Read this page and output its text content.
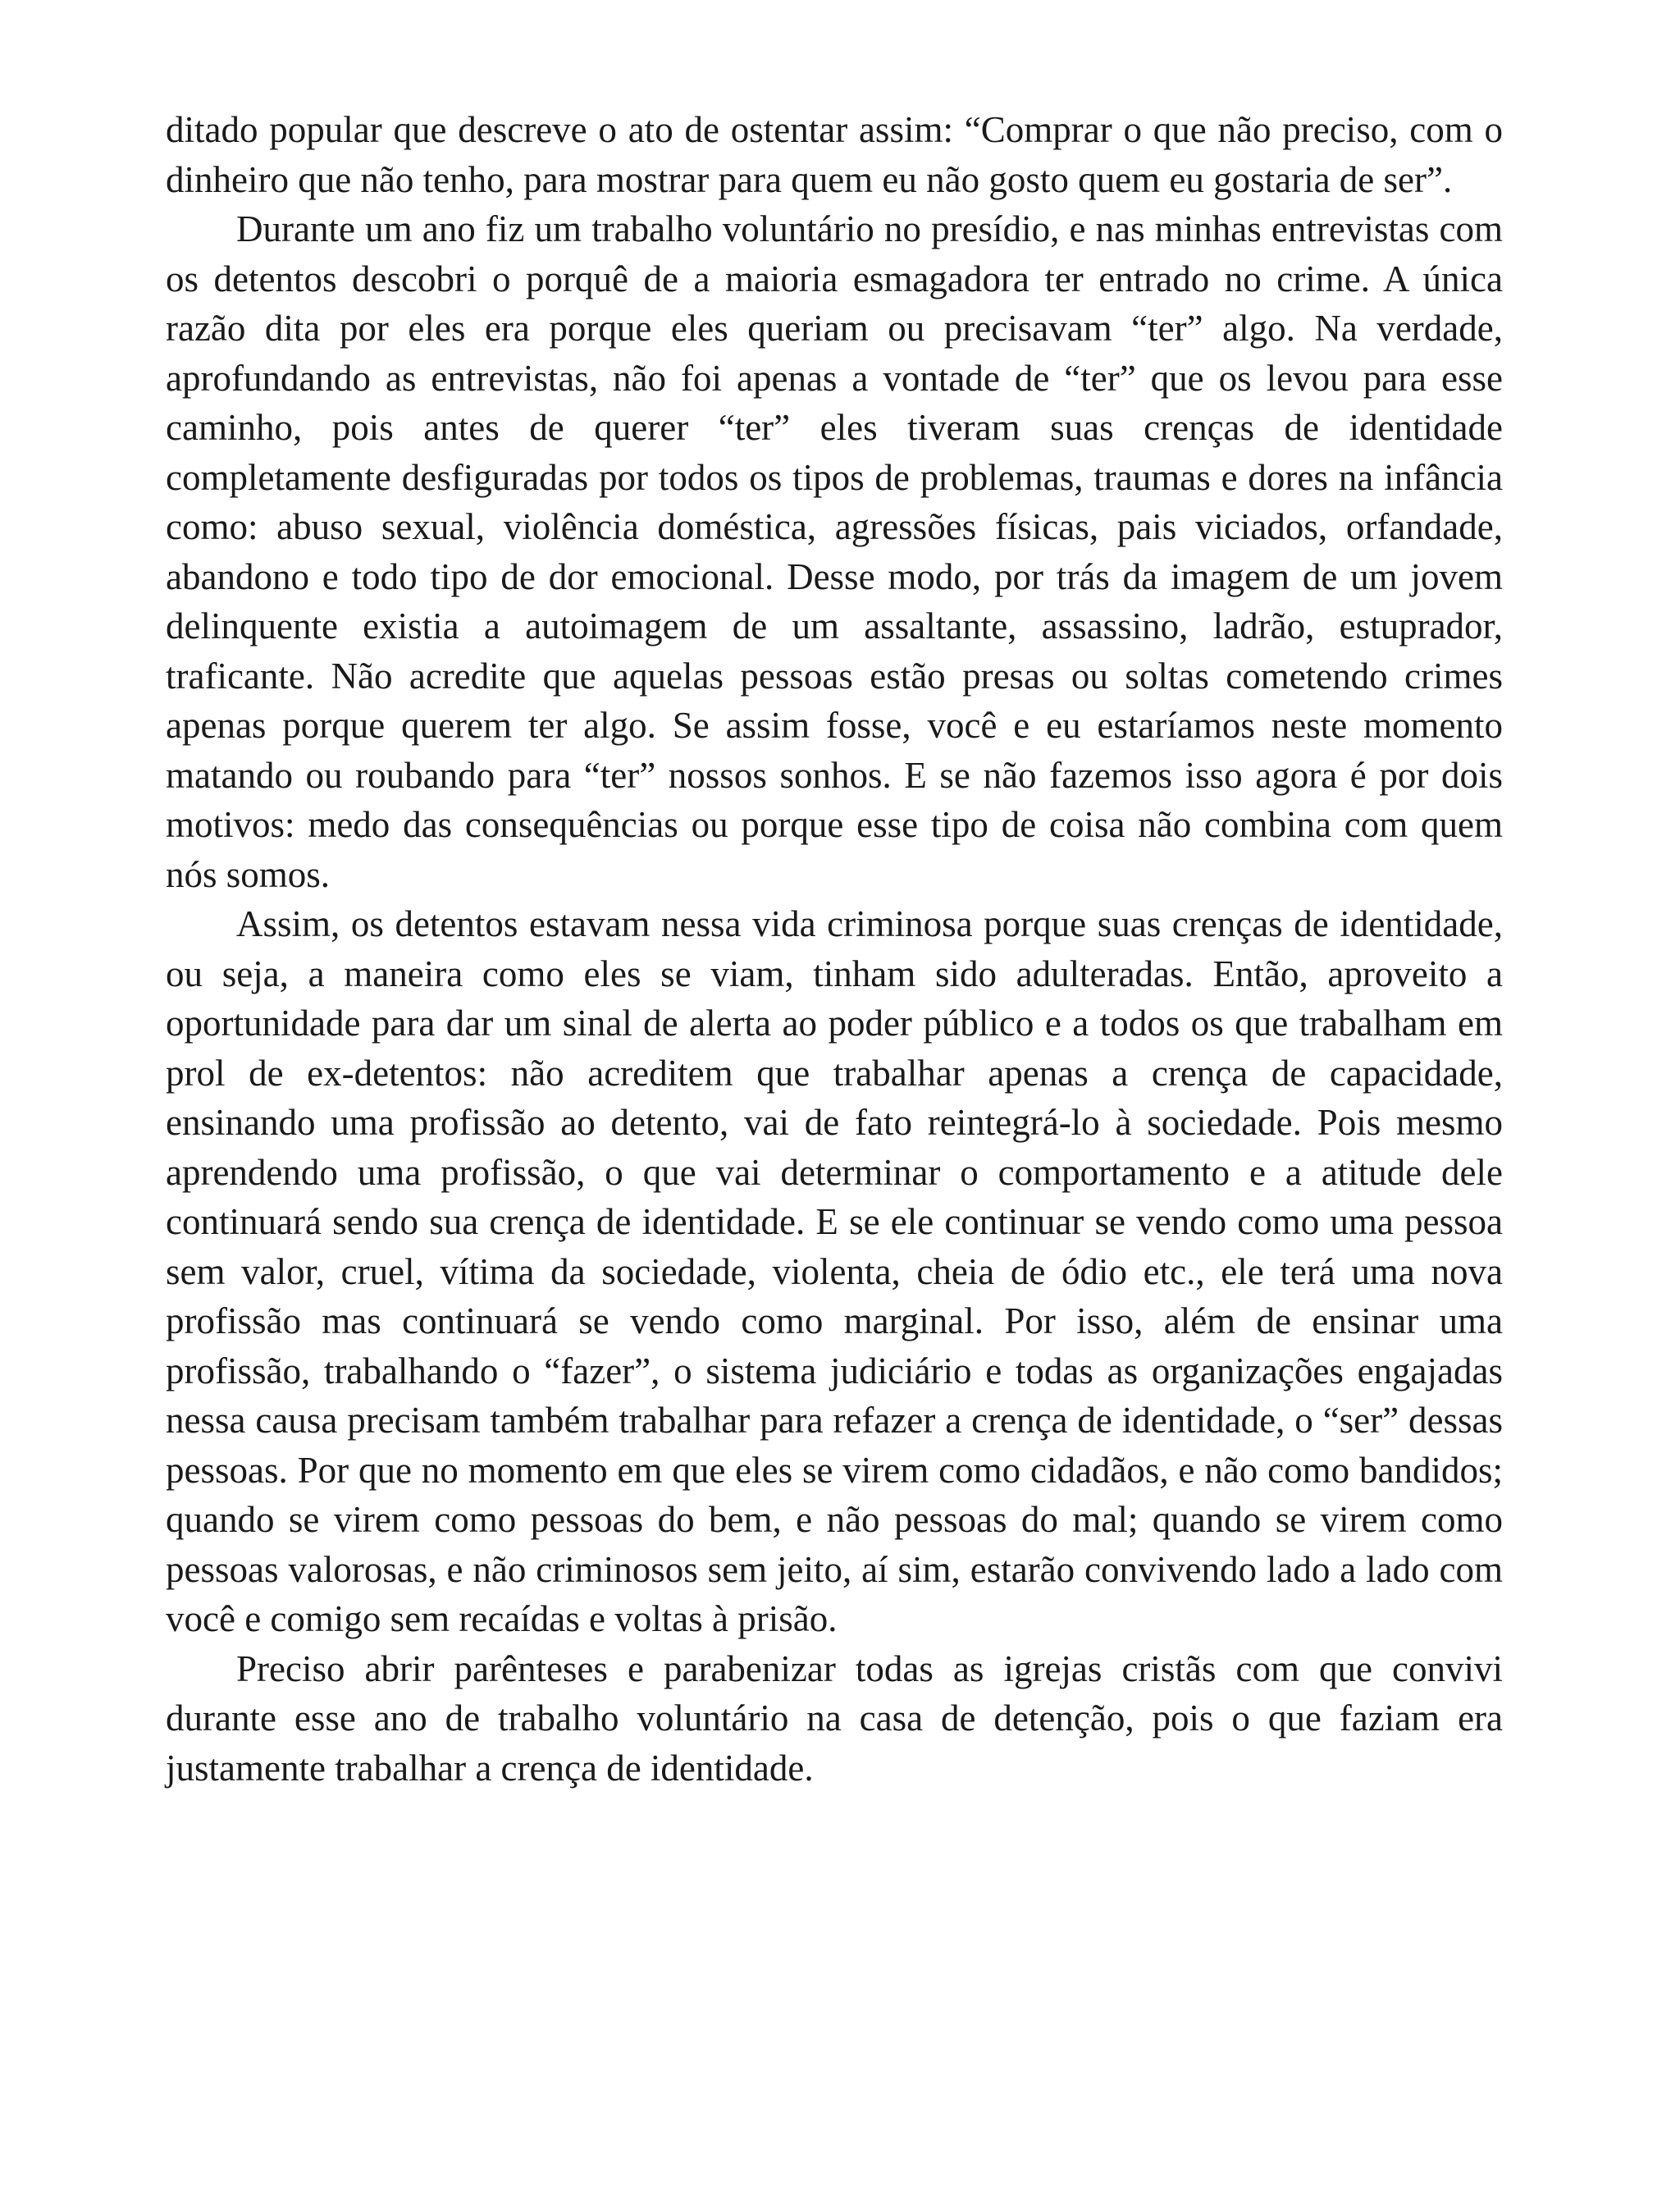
ditado popular que descreve o ato de ostentar assim: “Comprar o que não preciso, com o dinheiro que não tenho, para mostrar para quem eu não gosto quem eu gostaria de ser”.

Durante um ano fiz um trabalho voluntário no presídio, e nas minhas entrevistas com os detentos descobri o porquê de a maioria esmagadora ter entrado no crime. A única razão dita por eles era porque eles queriam ou precisavam “ter” algo. Na verdade, aprofundando as entrevistas, não foi apenas a vontade de “ter” que os levou para esse caminho, pois antes de querer “ter” eles tiveram suas crenças de identidade completamente desfiguradas por todos os tipos de problemas, traumas e dores na infância como: abuso sexual, violência doméstica, agressões físicas, pais viciados, orfandade, abandono e todo tipo de dor emocional. Desse modo, por trás da imagem de um jovem delinquente existia a autoimagem de um assaltante, assassino, ladrão, estuprador, traficante. Não acredite que aquelas pessoas estão presas ou soltas cometendo crimes apenas porque querem ter algo. Se assim fosse, você e eu estaríamos neste momento matando ou roubando para “ter” nossos sonhos. E se não fazemos isso agora é por dois motivos: medo das consequências ou porque esse tipo de coisa não combina com quem nós somos.

Assim, os detentos estavam nessa vida criminosa porque suas crenças de identidade, ou seja, a maneira como eles se viam, tinham sido adulteradas. Então, aproveito a oportunidade para dar um sinal de alerta ao poder público e a todos os que trabalham em prol de ex-detentos: não acreditem que trabalhar apenas a crença de capacidade, ensinando uma profissão ao detento, vai de fato reintegrá-lo à sociedade. Pois mesmo aprendendo uma profissão, o que vai determinar o comportamento e a atitude dele continuará sendo sua crença de identidade. E se ele continuar se vendo como uma pessoa sem valor, cruel, vítima da sociedade, violenta, cheia de ódio etc., ele terá uma nova profissão mas continuará se vendo como marginal. Por isso, além de ensinar uma profissão, trabalhando o “fazer”, o sistema judiciário e todas as organizações engajadas nessa causa precisam também trabalhar para refazer a crença de identidade, o “ser” dessas pessoas. Por que no momento em que eles se virem como cidadãos, e não como bandidos; quando se virem como pessoas do bem, e não pessoas do mal; quando se virem como pessoas valorosas, e não criminosos sem jeito, aí sim, estarão convivendo lado a lado com você e comigo sem recaídas e voltas à prisão.

Preciso abrir parênteses e parabenizar todas as igrejas cristãs com que convivi durante esse ano de trabalho voluntário na casa de detenção, pois o que faziam era justamente trabalhar a crença de identidade.
